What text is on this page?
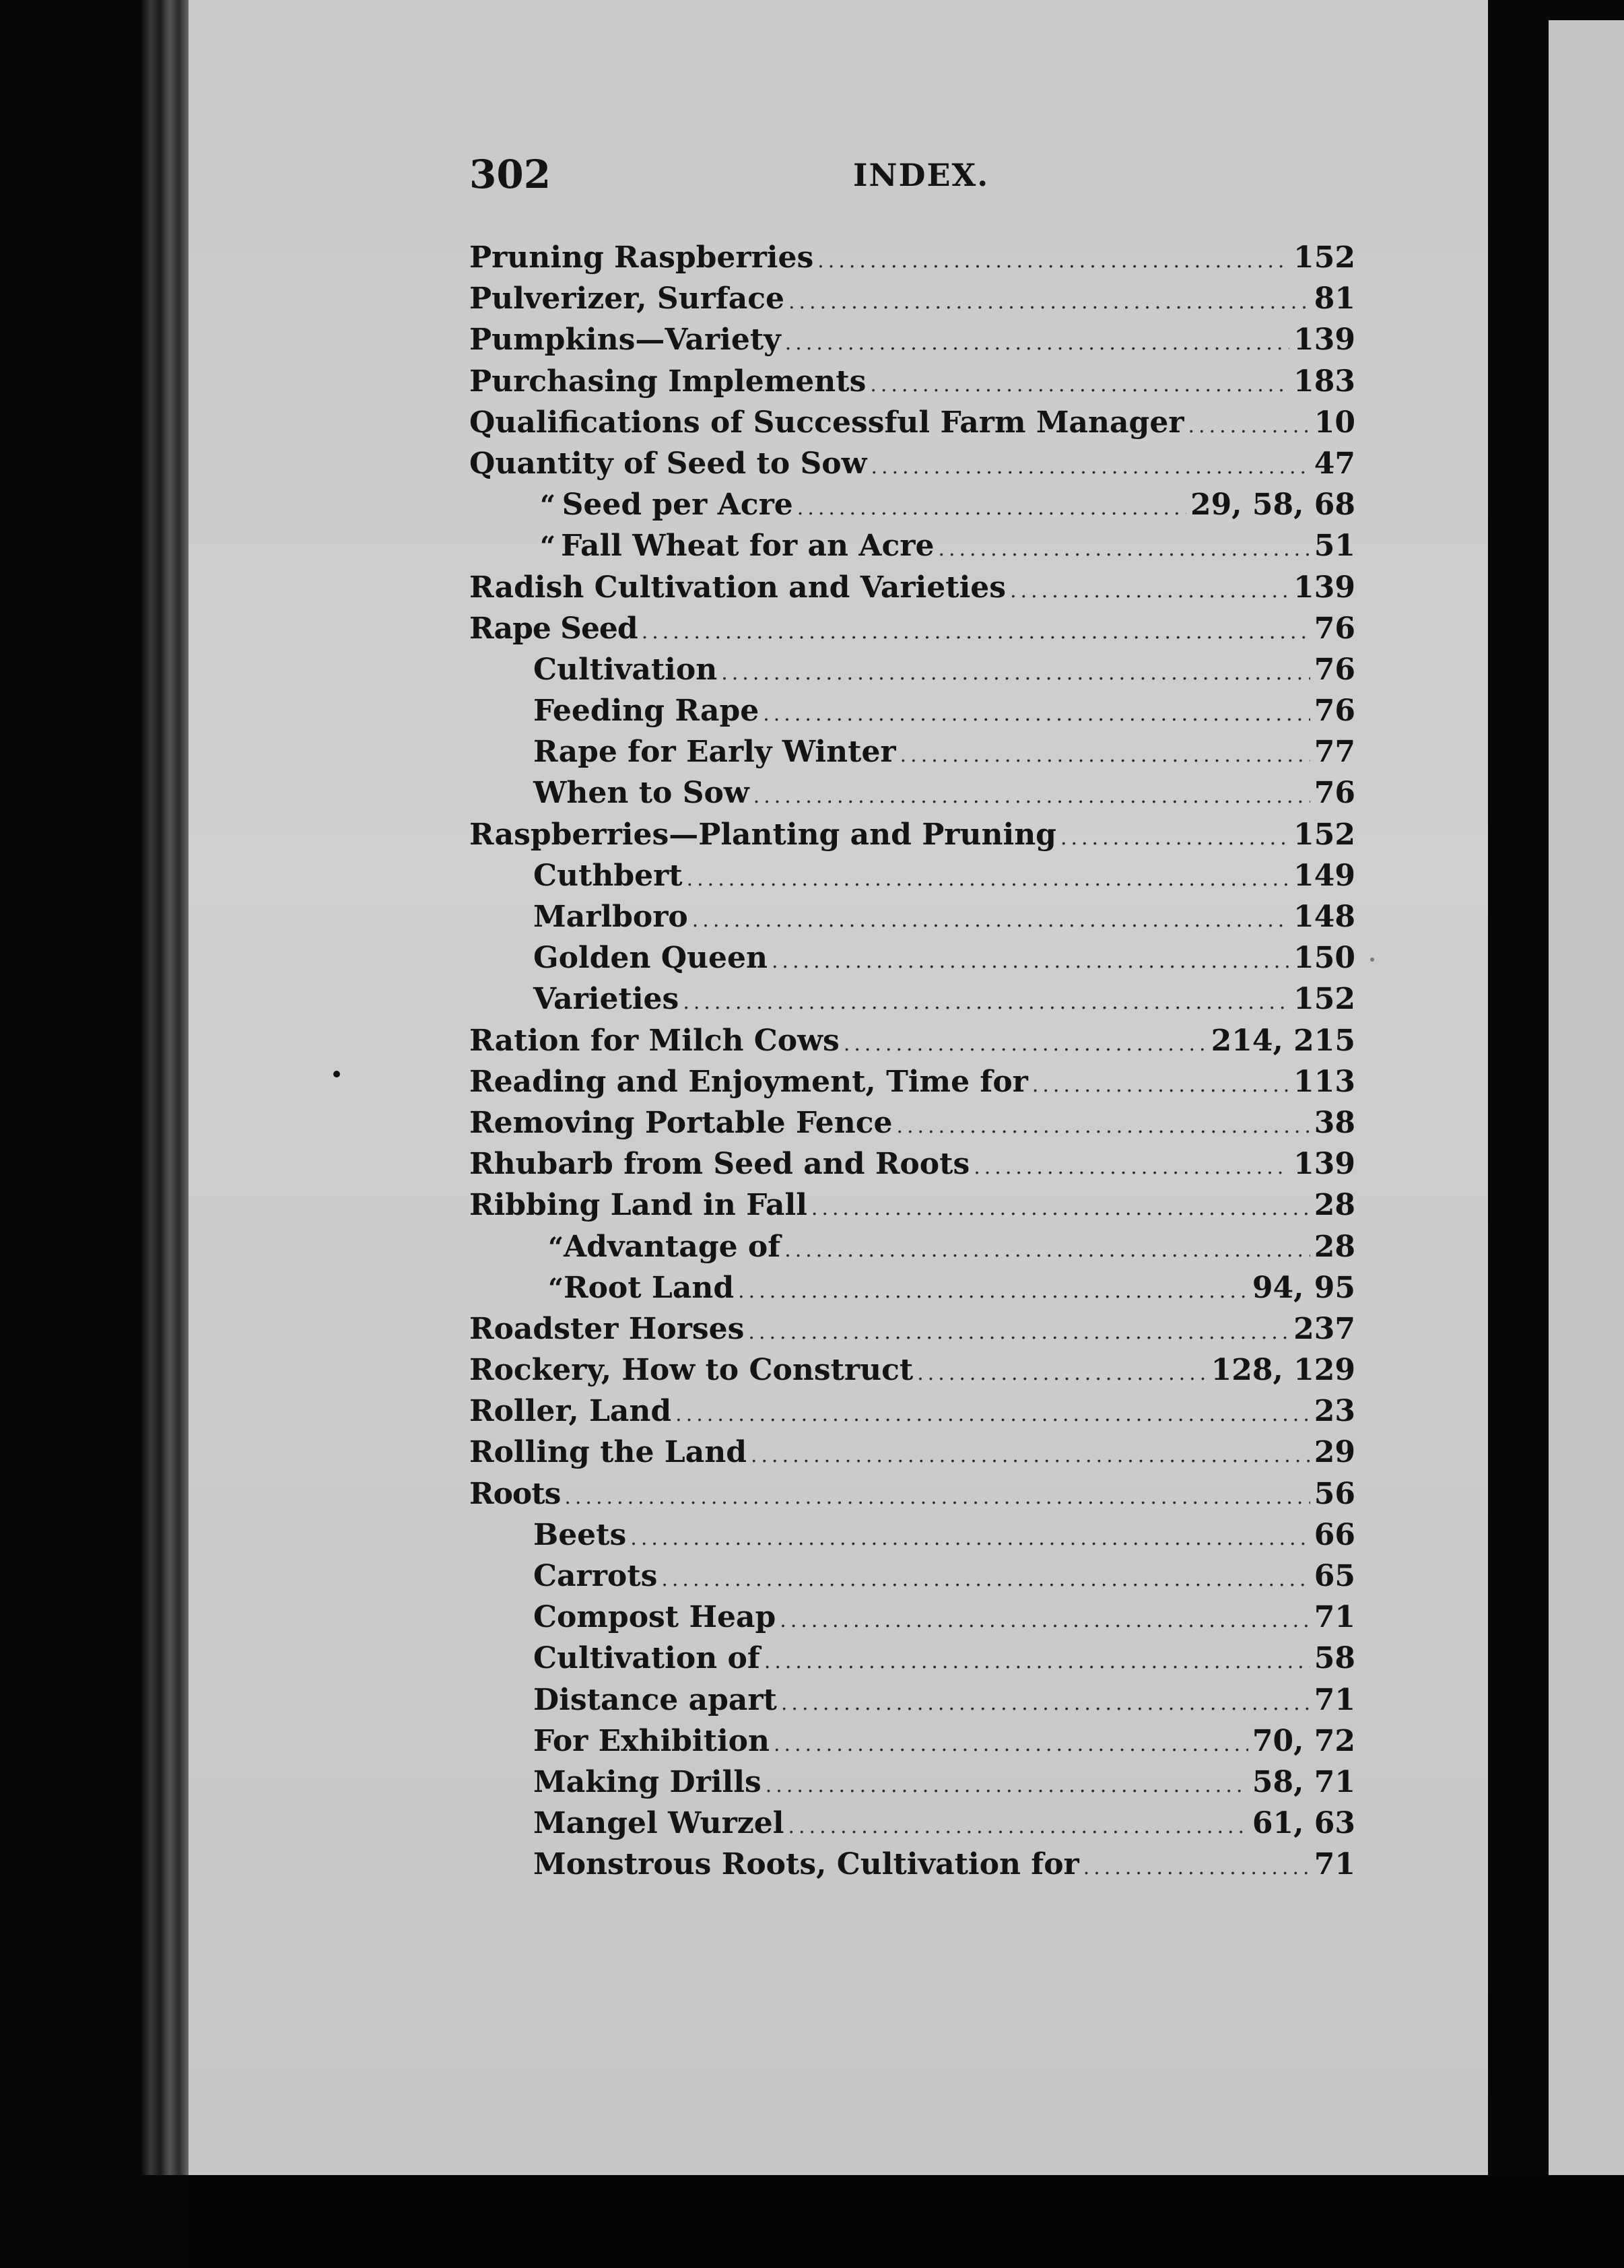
302	INDEX.
Pruning Raspberries .....	152
Pulverizer, Surface .....	81
Pumpkins—Variety .....	139
Purchasing Implements .....	183
Qualifications of Successful Farm Manager .....	10
Quantity of Seed to Sow .....	47
“ Seed per Acre .....	29, 58, 68
“ Fall Wheat for an Acre .....	51
Radish Cultivation and Varieties .....	139
Rape Seed .....	76
Cultivation .....	76
Feeding Rape .....	76
Rape for Early Winter .....	77
When to Sow .....	76
Raspberries—Planting and Pruning .....	152
Cuthbert .....	149
Marlboro .....	148
Golden Queen .....	150
Varieties .....	152
Ration for Milch Cows .....	214, 215
Reading and Enjoyment, Time for .....	113
Removing Portable Fence .....	38
Rhubarb from Seed and Roots .....	139
Ribbing Land in Fall .....	28
“ Advantage of .....	28
“ Root Land .....	94, 95
Roadster Horses .....	237
Rockery, How to Construct .....	128, 129
Roller, Land .....	23
Rolling the Land .....	29
Roots .....	56
Beets .....	66
Carrots .....	65
Compost Heap .....	71
Cultivation of .....	58
Distance apart .....	71
For Exhibition .....	70, 72
Making Drills .....	58, 71
Mangel Wurzel .....	61, 63
Monstrous Roots, Cultivation for .....	71
